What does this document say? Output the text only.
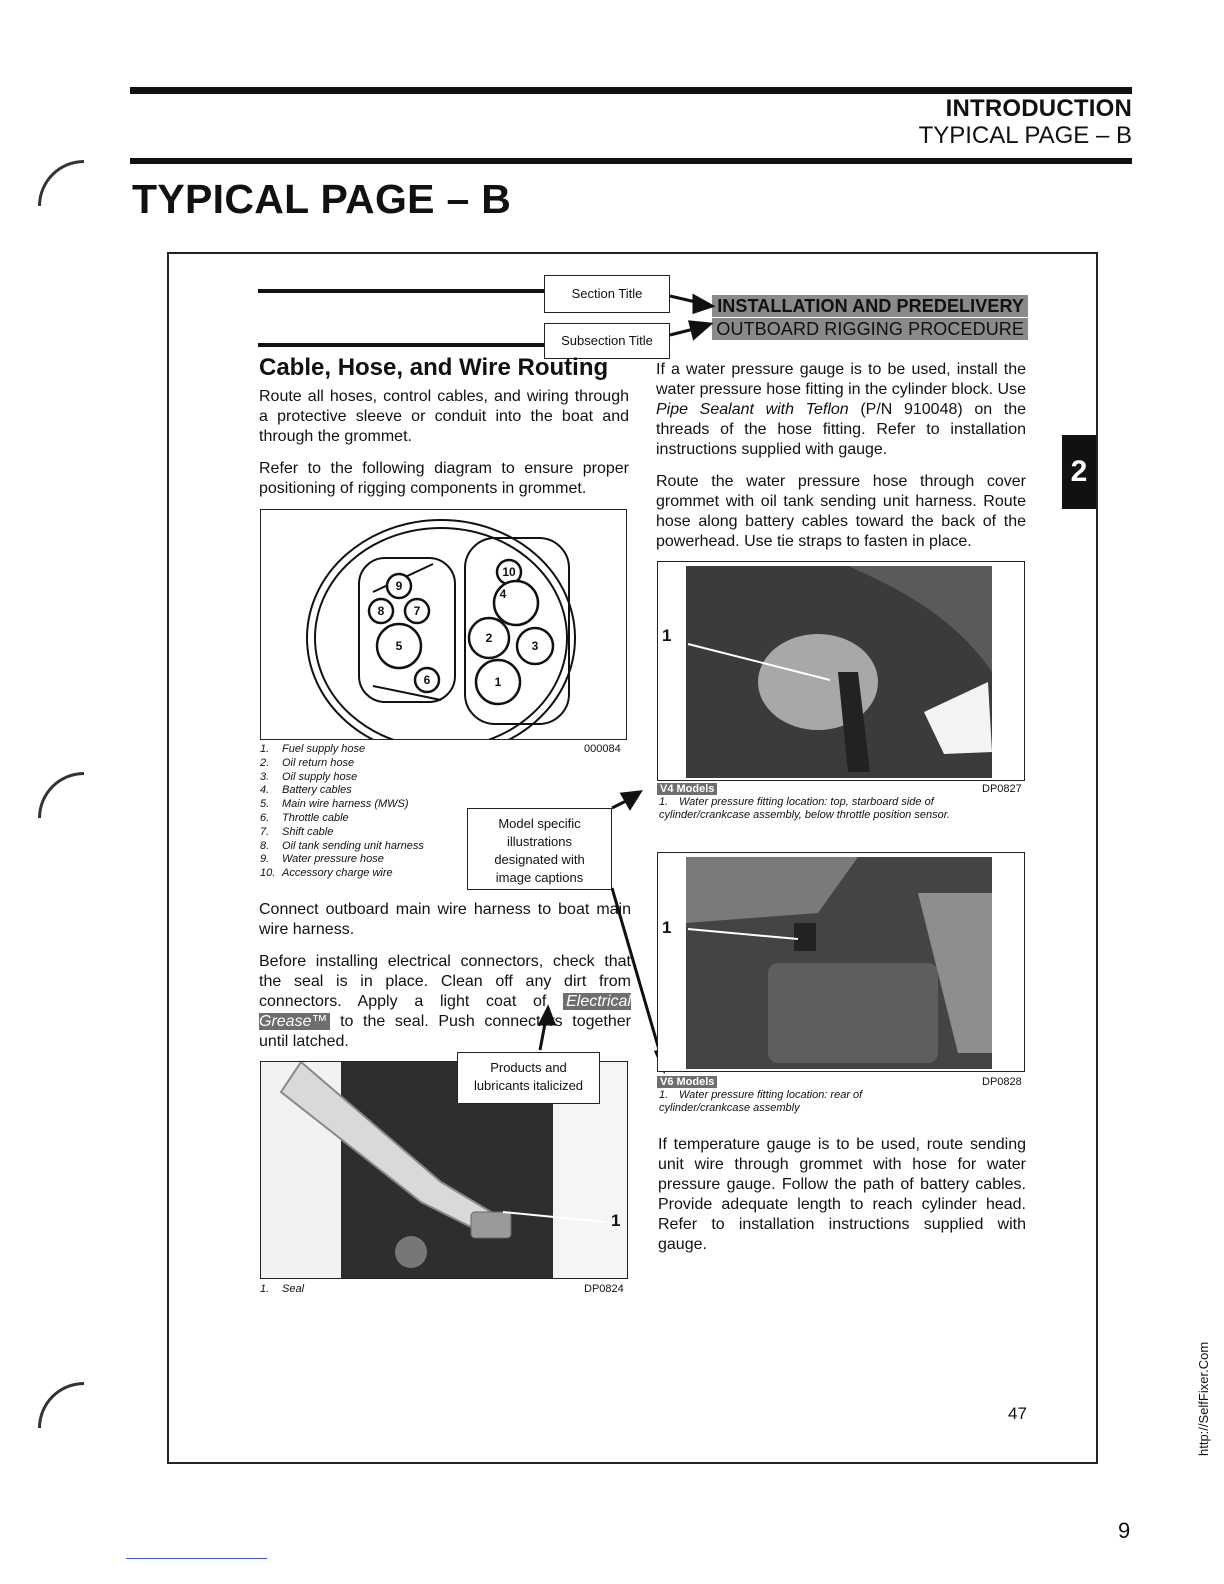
INTRODUCTION
TYPICAL PAGE – B
TYPICAL PAGE – B
INSTALLATION AND PREDELIVERY
OUTBOARD RIGGING PROCEDURE
Section Title
Subsection Title
Cable, Hose, and Wire Routing
Route all hoses, control cables, and wiring through a protective sleeve or conduit into the boat and through the grommet.
Refer to the following diagram to ensure proper positioning of rigging components in grommet.
9
8 7
5
6
10
4
2
3
1
000084
1. Fuel supply hose
2. Oil return hose
3. Oil supply hose
4. Battery cables
5. Main wire harness (MWS)
6. Throttle cable
7. Shift cable
8. Oil tank sending unit harness
9. Water pressure hose
10. Accessory charge wire
Model specific
illustrations
designated with
image captions
Connect outboard main wire harness to boat main wire harness.
Before installing electrical connectors, check that the seal is in place. Clean off any dirt from connectors. Apply a light coat of Electrical Grease™ to the seal. Push connectors together until latched.
1
Products and
lubricants italicized
1. Seal	DP0824
If a water pressure gauge is to be used, install the water pressure hose fitting in the cylinder block. Use Pipe Sealant with Teflon (P/N 910048) on the threads of the hose fitting. Refer to installation instructions supplied with gauge.
Route the water pressure hose through cover grommet with oil tank sending unit harness. Route hose along battery cables toward the back of the powerhead. Use tie straps to fasten in place.
1
V4 Models	DP0827
1. Water pressure fitting location: top, starboard side of cylinder/crankcase assembly, below throttle position sensor.
1
V6 Models	DP0828
1. Water pressure fitting location: rear of cylinder/crankcase assembly
If temperature gauge is to be used, route sending unit wire through grommet with hose for water pressure gauge. Follow the path of battery cables. Provide adequate length to reach cylinder head. Refer to installation instructions supplied with gauge.
2
47
9
http://SelfFixer.Com
